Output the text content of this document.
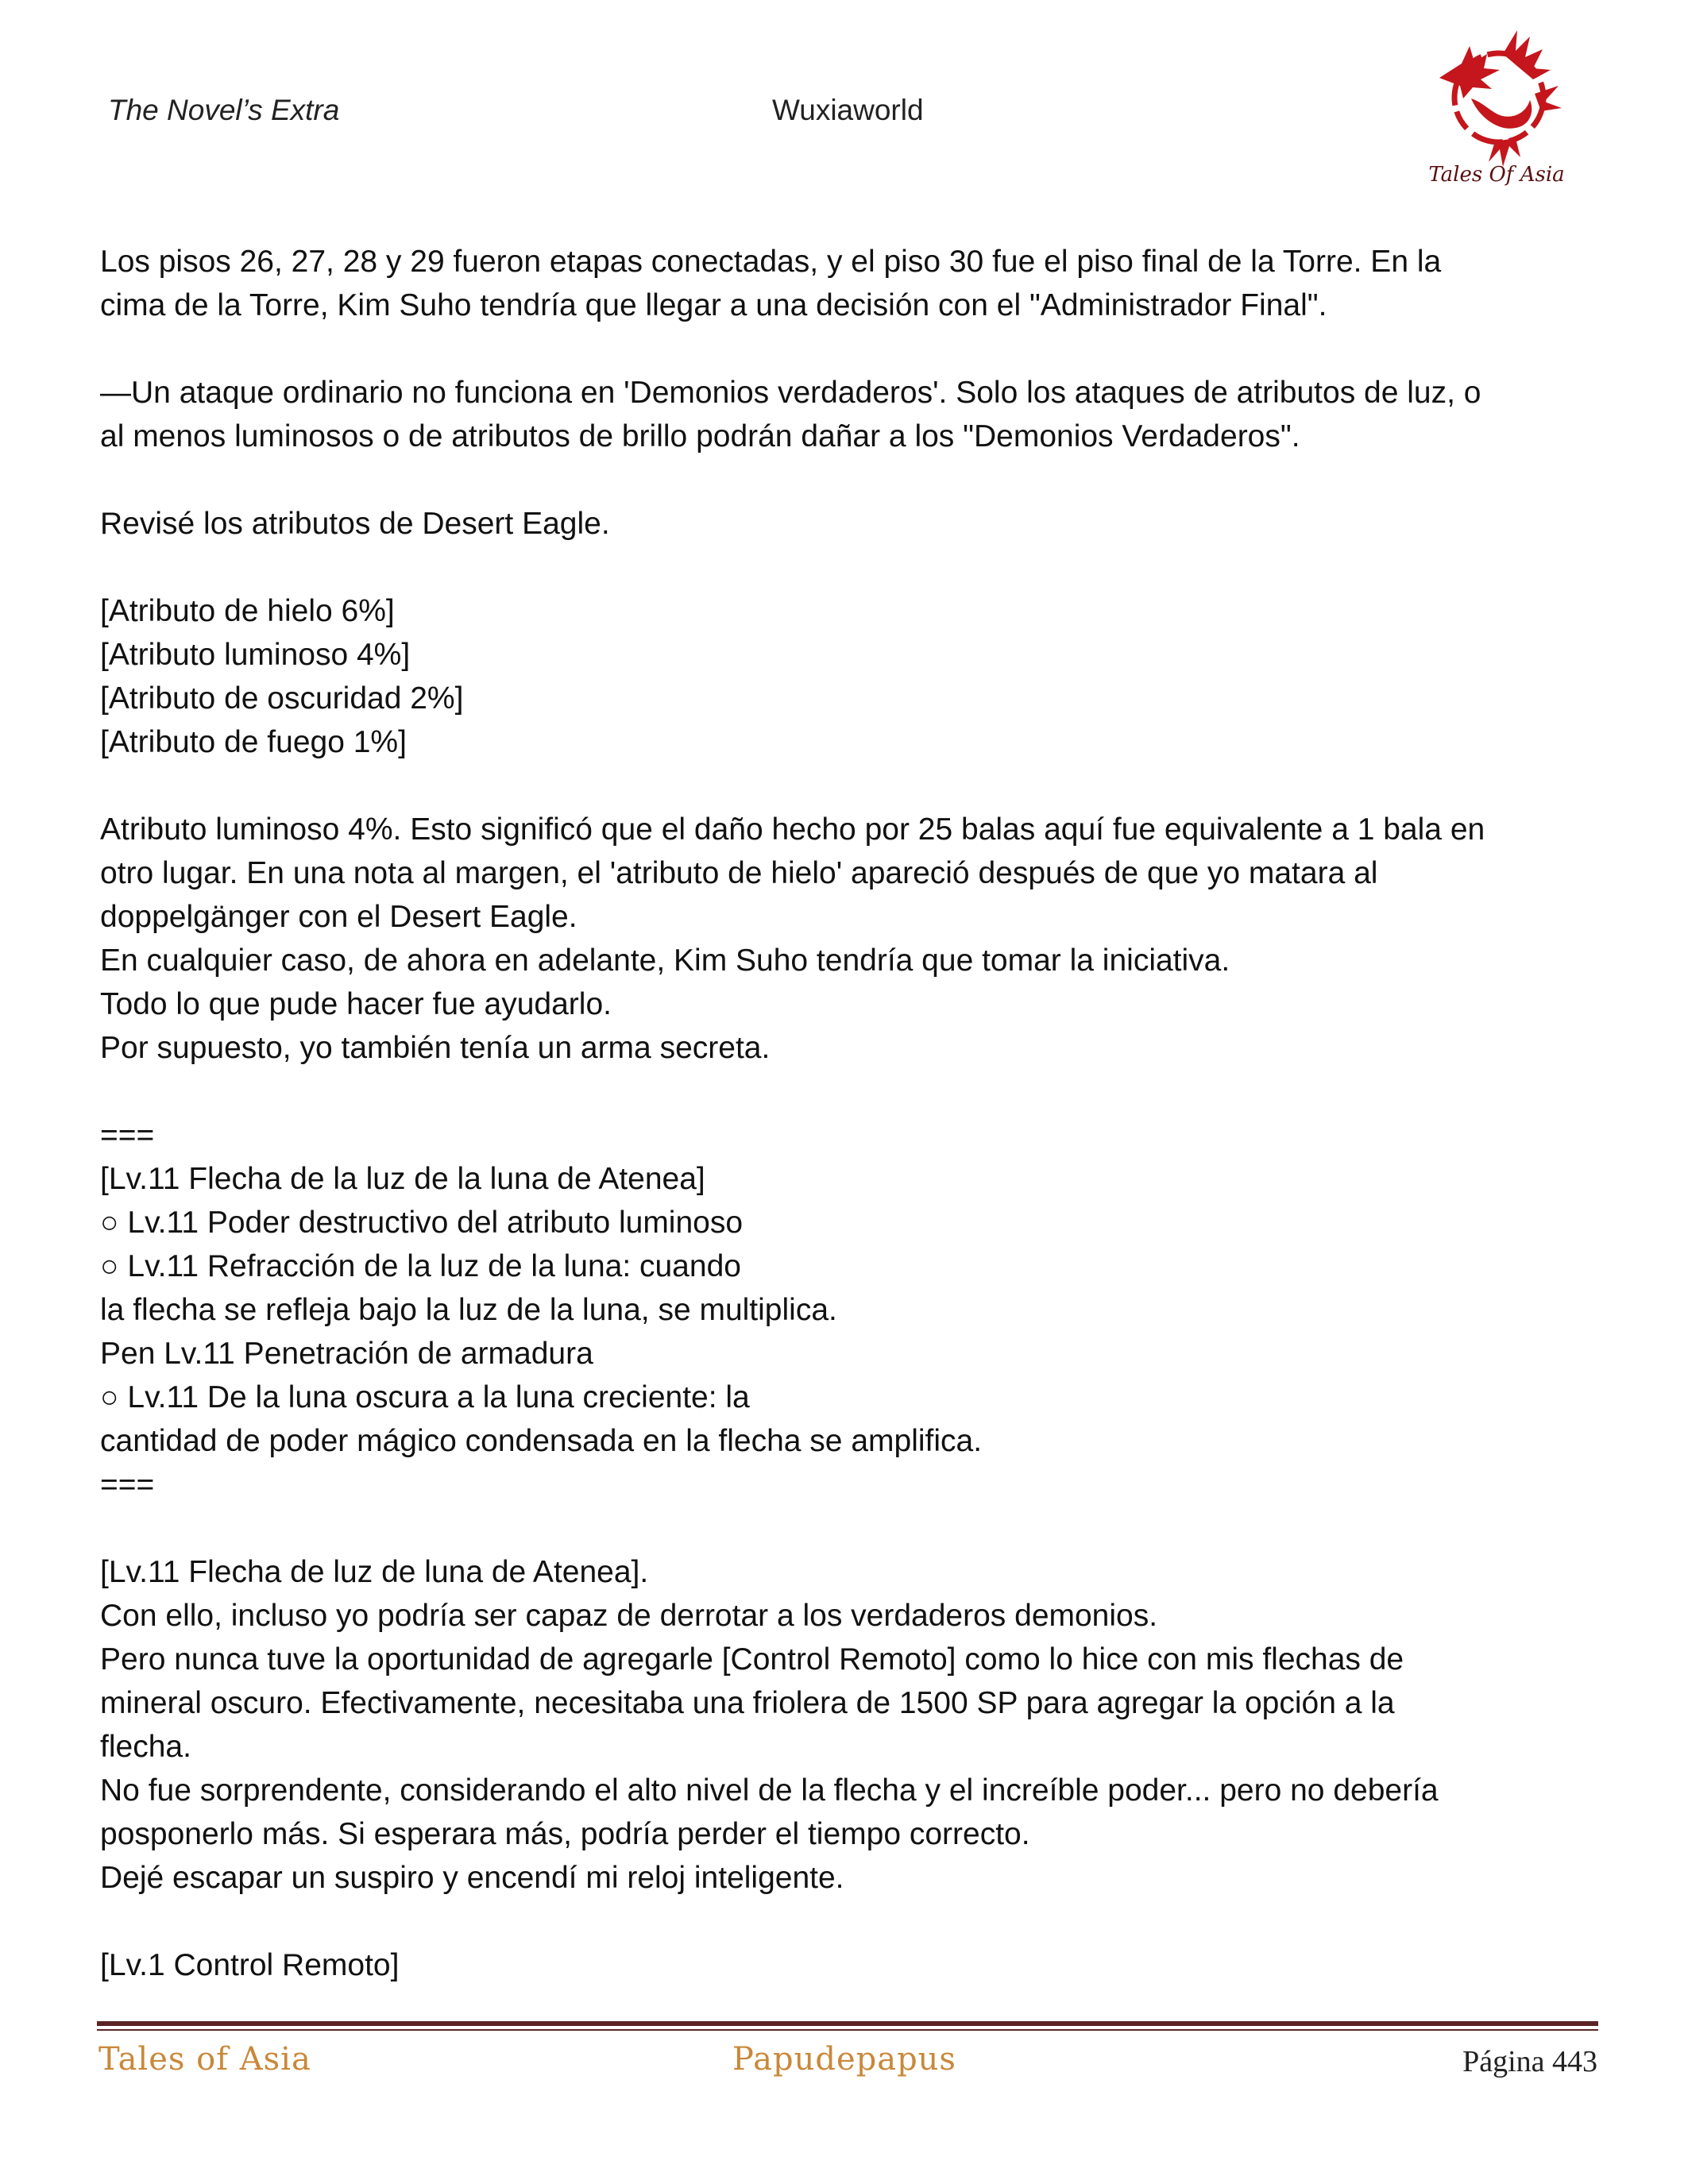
The Novel’s Extra	Wuxiaworld
Tales Of Asia

Los pisos 26, 27, 28 y 29 fueron etapas conectadas, y el piso 30 fue el piso final de la Torre. En la
cima de la Torre, Kim Suho tendría que llegar a una decisión con el "Administrador Final".

—Un ataque ordinario no funciona en 'Demonios verdaderos'. Solo los ataques de atributos de luz, o
al menos luminosos o de atributos de brillo podrán dañar a los "Demonios Verdaderos".

Revisé los atributos de Desert Eagle.

[Atributo de hielo 6%]
[Atributo luminoso 4%]
[Atributo de oscuridad 2%]
[Atributo de fuego 1%]

Atributo luminoso 4%. Esto significó que el daño hecho por 25 balas aquí fue equivalente a 1 bala en
otro lugar. En una nota al margen, el 'atributo de hielo' apareció después de que yo matara al
doppelgänger con el Desert Eagle.
En cualquier caso, de ahora en adelante, Kim Suho tendría que tomar la iniciativa.
Todo lo que pude hacer fue ayudarlo.
Por supuesto, yo también tenía un arma secreta.

===
[Lv.11 Flecha de la luz de la luna de Atenea]
○ Lv.11 Poder destructivo del atributo luminoso
○ Lv.11 Refracción de la luz de la luna: cuando
la flecha se refleja bajo la luz de la luna, se multiplica.
Pen Lv.11 Penetración de armadura
○ Lv.11 De la luna oscura a la luna creciente: la
cantidad de poder mágico condensada en la flecha se amplifica.
===

[Lv.11 Flecha de luz de luna de Atenea].
Con ello, incluso yo podría ser capaz de derrotar a los verdaderos demonios.
Pero nunca tuve la oportunidad de agregarle [Control Remoto] como lo hice con mis flechas de
mineral oscuro. Efectivamente, necesitaba una friolera de 1500 SP para agregar la opción a la
flecha.
No fue sorprendente, considerando el alto nivel de la flecha y el increíble poder... pero no debería
posponerlo más. Si esperara más, podría perder el tiempo correcto.
Dejé escapar un suspiro y encendí mi reloj inteligente.

[Lv.1 Control Remoto]

Tales of Asia	Papudepapus	Página 443
